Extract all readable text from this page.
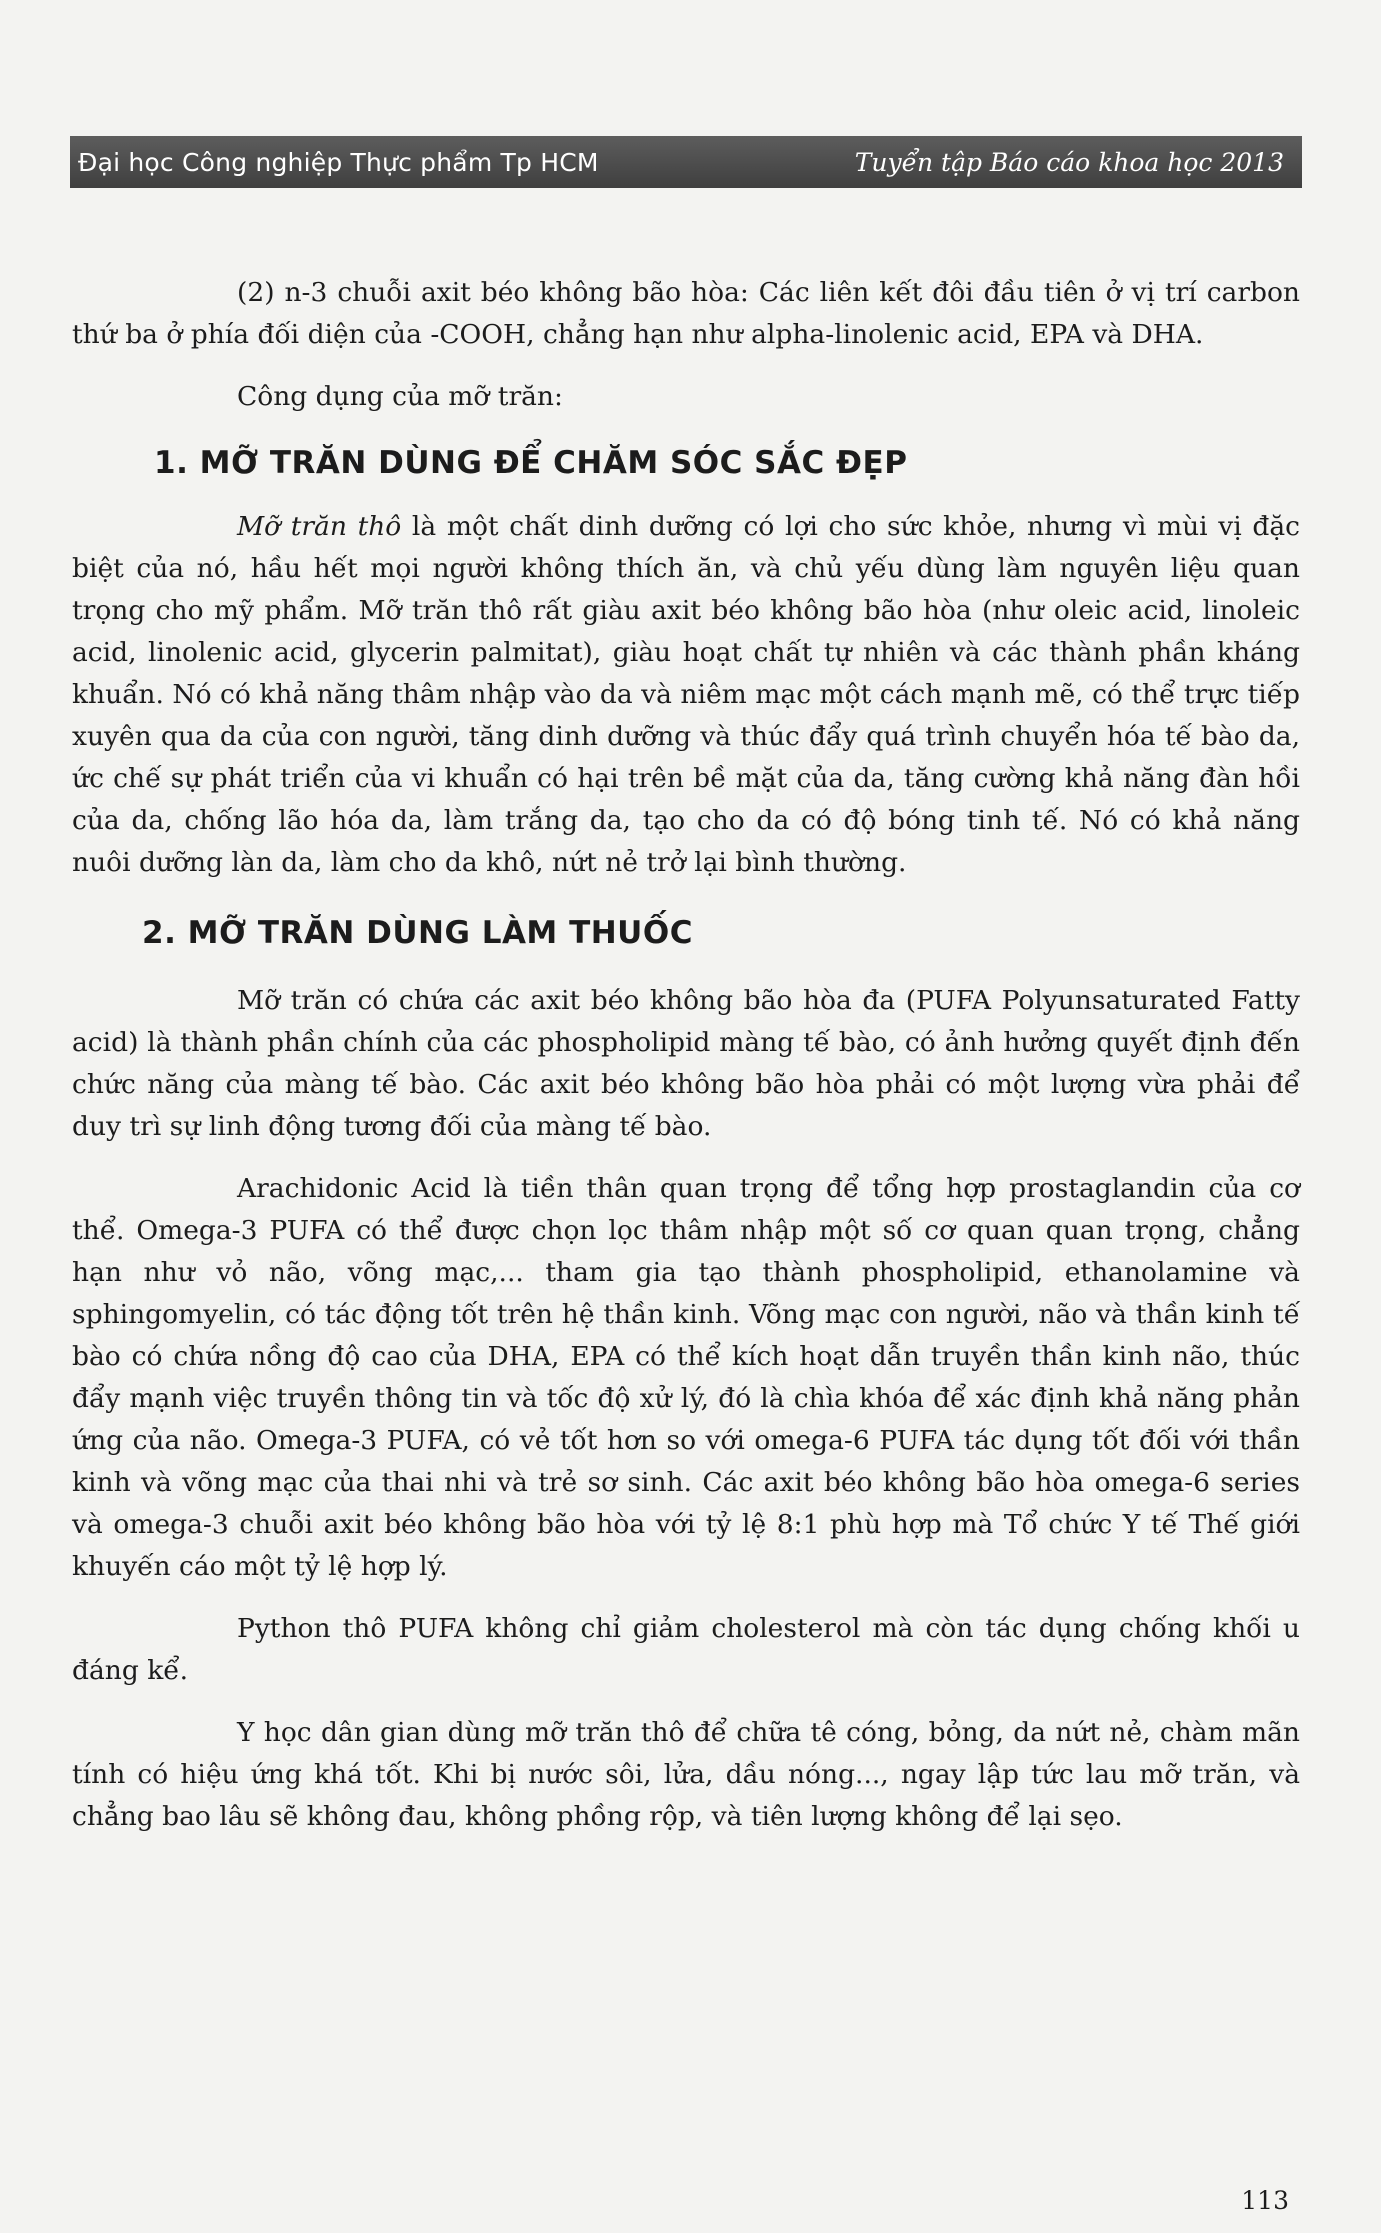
Đại học Công nghiệp Thực phẩm Tp HCM	Tuyển tập Báo cáo khoa học 2013

(2) n-3 chuỗi axit béo không bão hòa: Các liên kết đôi đầu tiên ở vị trí carbon thứ ba ở phía đối diện của -COOH, chẳng hạn như alpha-linolenic acid, EPA và DHA.

Công dụng của mỡ trăn:

1. MỠ TRĂN DÙNG ĐỂ CHĂM SÓC SẮC ĐẸP

Mỡ trăn thô là một chất dinh dưỡng có lợi cho sức khỏe, nhưng vì mùi vị đặc biệt của nó, hầu hết mọi người không thích ăn, và chủ yếu dùng làm nguyên liệu quan trọng cho mỹ phẩm. Mỡ trăn thô rất giàu axit béo không bão hòa (như oleic acid, linoleic acid, linolenic acid, glycerin palmitat), giàu hoạt chất tự nhiên và các thành phần kháng khuẩn. Nó có khả năng thâm nhập vào da và niêm mạc một cách mạnh mẽ, có thể trực tiếp xuyên qua da của con người, tăng dinh dưỡng và thúc đẩy quá trình chuyển hóa tế bào da, ức chế sự phát triển của vi khuẩn có hại trên bề mặt của da, tăng cường khả năng đàn hồi của da, chống lão hóa da, làm trắng da, tạo cho da có độ bóng tinh tế. Nó có khả năng nuôi dưỡng làn da, làm cho da khô, nứt nẻ trở lại bình thường.

2. MỠ TRĂN DÙNG LÀM THUỐC

Mỡ trăn có chứa các axit béo không bão hòa đa (PUFA Polyunsaturated Fatty acid) là thành phần chính của các phospholipid màng tế bào, có ảnh hưởng quyết định đến chức năng của màng tế bào. Các axit béo không bão hòa phải có một lượng vừa phải để duy trì sự linh động tương đối của màng tế bào.

Arachidonic Acid là tiền thân quan trọng để tổng hợp prostaglandin của cơ thể. Omega-3 PUFA có thể được chọn lọc thâm nhập một số cơ quan quan trọng, chẳng hạn như vỏ não, võng mạc,... tham gia tạo thành phospholipid, ethanolamine và sphingomyelin, có tác động tốt trên hệ thần kinh. Võng mạc con người, não và thần kinh tế bào có chứa nồng độ cao của DHA, EPA có thể kích hoạt dẫn truyền thần kinh não, thúc đẩy mạnh việc truyền thông tin và tốc độ xử lý, đó là chìa khóa để xác định khả năng phản ứng của não. Omega-3 PUFA, có vẻ tốt hơn so với omega-6 PUFA tác dụng tốt đối với thần kinh và võng mạc của thai nhi và trẻ sơ sinh. Các axit béo không bão hòa omega-6 series và omega-3 chuỗi axit béo không bão hòa với tỷ lệ 8:1 phù hợp mà Tổ chức Y tế Thế giới khuyến cáo một tỷ lệ hợp lý.

Python thô PUFA không chỉ giảm cholesterol mà còn tác dụng chống khối u đáng kể.

Y học dân gian dùng mỡ trăn thô để chữa tê cóng, bỏng, da nứt nẻ, chàm mãn tính có hiệu ứng khá tốt. Khi bị nước sôi, lửa, dầu nóng..., ngay lập tức lau mỡ trăn, và chẳng bao lâu sẽ không đau, không phồng rộp, và tiên lượng không để lại sẹo.

113
